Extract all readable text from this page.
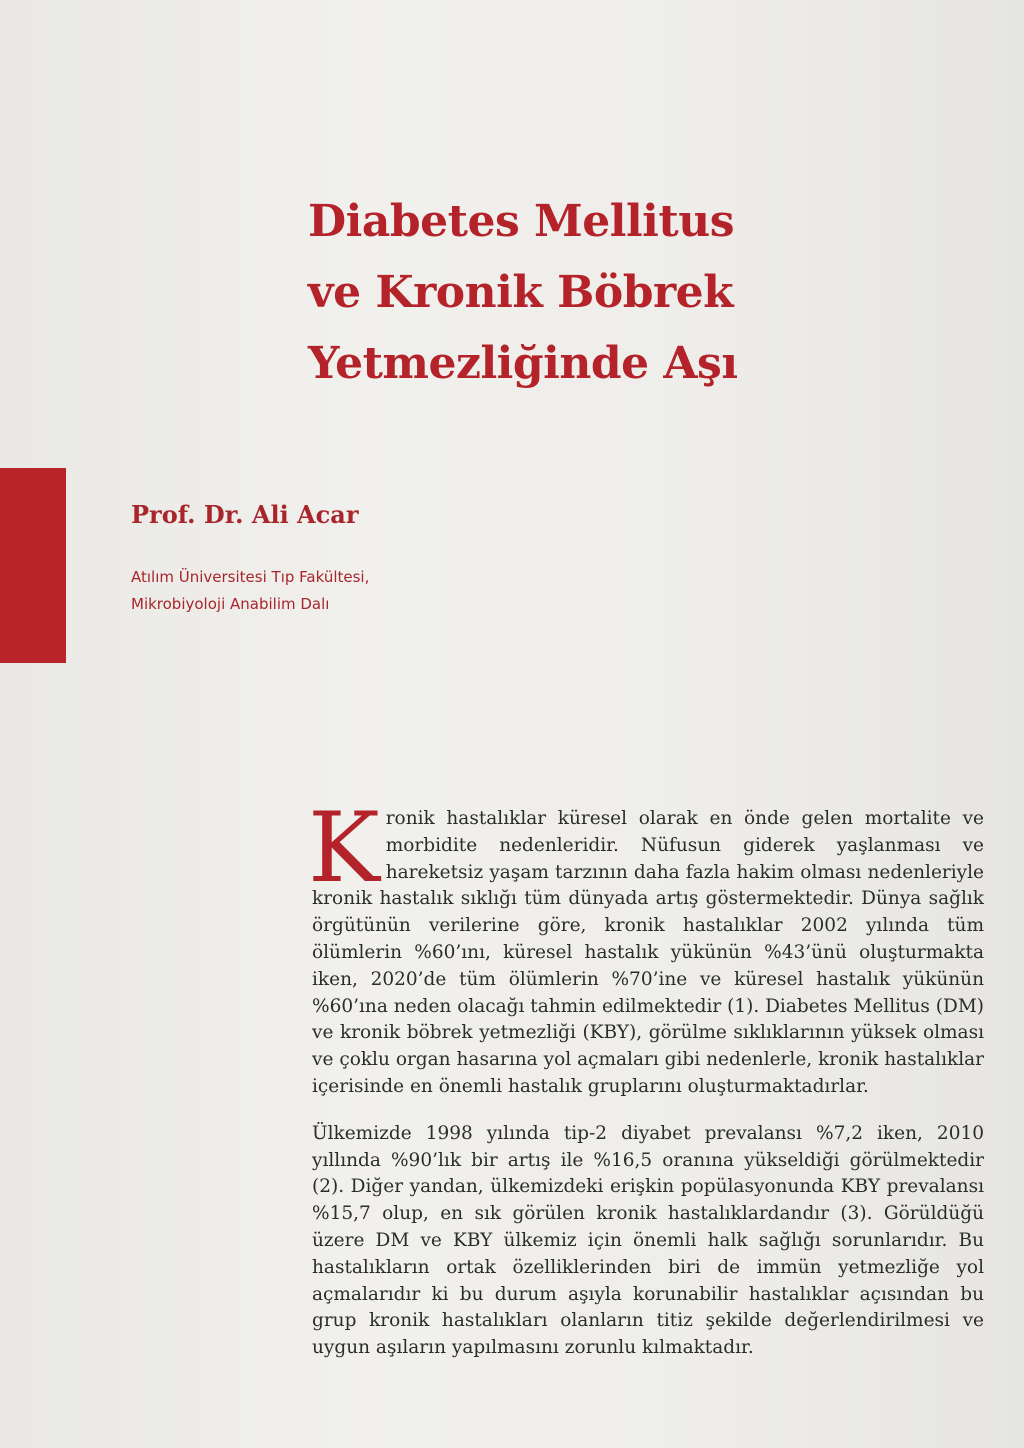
Diabetes Mellitus
ve Kronik Böbrek
Yetmezliğinde Aşı

Prof. Dr. Ali Acar

Atılım Üniversitesi Tıp Fakültesi,
Mikrobiyoloji Anabilim Dalı

Kronik hastalıklar küresel olarak en önde gelen mortalite ve morbidite nedenleridir. Nüfusun giderek yaşlanması ve hareketsiz yaşam tarzının daha fazla hakim olması nedenleriyle kronik hastalık sıklığı tüm dünyada artış göstermektedir. Dünya sağlık örgütünün verilerine göre, kronik hastalıklar 2002 yılında tüm ölümlerin %60’ını, küresel hastalık yükünün %43’ünü oluşturmakta iken, 2020’de tüm ölümlerin %70’ine ve küresel hastalık yükünün %60’ına neden olacağı tahmin edilmektedir (1). Diabetes Mellitus (DM) ve kronik böbrek yetmezliği (KBY), görülme sıklıklarının yüksek olması ve çoklu organ hasarına yol açmaları gibi nedenlerle, kronik hastalıklar içerisinde en önemli hastalık gruplarını oluşturmaktadırlar.

Ülkemizde 1998 yılında tip-2 diyabet prevalansı %7,2 iken, 2010 yıllında %90’lık bir artış ile %16,5 oranına yükseldiği görülmektedir (2). Diğer yandan, ülkemizdeki erişkin popülasyonunda KBY prevalansı %15,7 olup, en sık görülen kronik hastalıklardandır (3). Görüldüğü üzere DM ve KBY ülkemiz için önemli halk sağlığı sorunlarıdır. Bu hastalıkların ortak özelliklerinden biri de immün yetmezliğe yol açmalarıdır ki bu durum aşıyla korunabilir hastalıklar açısından bu grup kronik hastalıkları olanların titiz şekilde değerlendirilmesi ve uygun aşıların yapılmasını zorunlu kılmaktadır.
